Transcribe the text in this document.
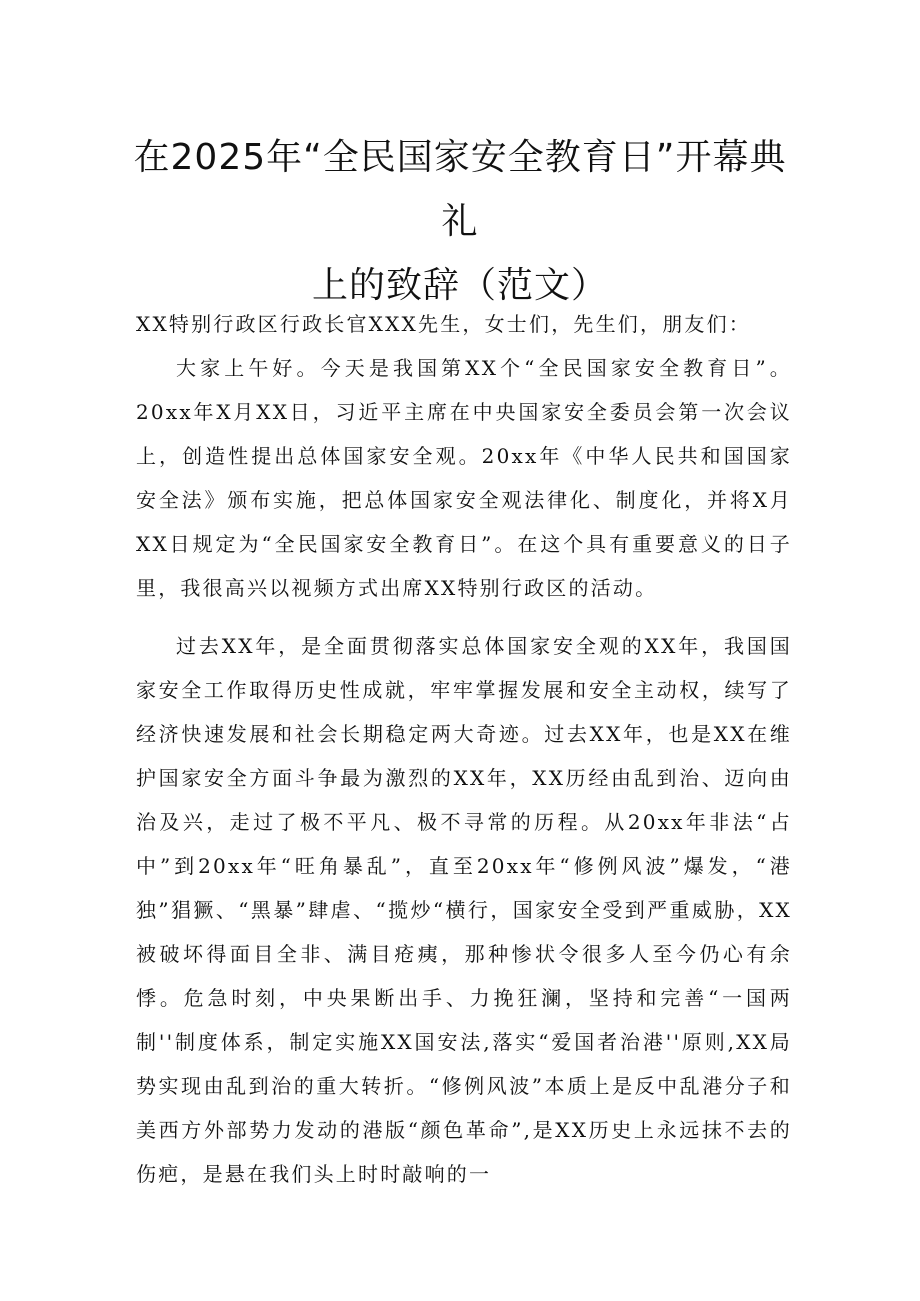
在2025年“全民国家安全教育日”开幕典礼
上的致辞（范文）

XX特别行政区行政长官XXX先生，女士们，先生们，朋友们：

大家上午好。今天是我国第XX个“全民国家安全教育日”。20xx年X月XX日，习近平主席在中央国家安全委员会第一次会议上，创造性提出总体国家安全观。20xx年《中华人民共和国国家安全法》颁布实施，把总体国家安全观法律化、制度化，并将X月XX日规定为“全民国家安全教育日”。在这个具有重要意义的日子里，我很高兴以视频方式出席XX特别行政区的活动。

过去XX年，是全面贯彻落实总体国家安全观的XX年，我国国家安全工作取得历史性成就，牢牢掌握发展和安全主动权，续写了经济快速发展和社会长期稳定两大奇迹。过去XX年，也是XX在维护国家安全方面斗争最为激烈的XX年，XX历经由乱到治、迈向由治及兴，走过了极不平凡、极不寻常的历程。从20xx年非法“占中”到20xx年“旺角暴乱”，直至20xx年“修例风波”爆发，“港独”猖獗、“黑暴”肆虐、“揽炒“横行，国家安全受到严重威胁，XX被破坏得面目全非、满目疮痍，那种惨状令很多人至今仍心有余悸。危急时刻，中央果断出手、力挽狂澜，坚持和完善“一国两制''制度体系，制定实施XX国安法,落实“爱国者治港''原则,XX局势实现由乱到治的重大转折。“修例风波”本质上是反中乱港分子和美西方外部势力发动的港版“颜色革命”,是XX历史上永远抹不去的伤疤，是悬在我们头上时时敲响的一
